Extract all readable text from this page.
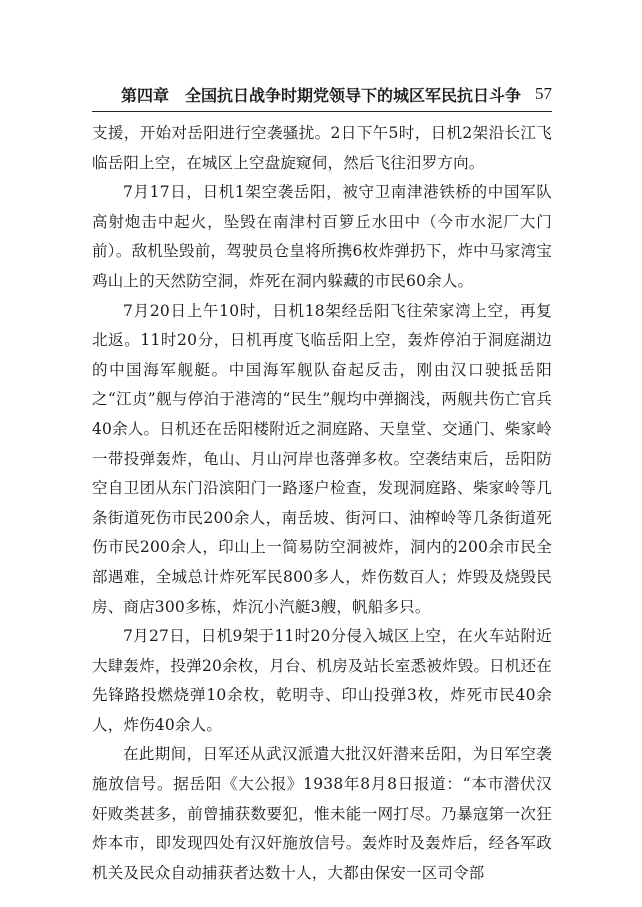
第四章　全国抗日战争时期党领导下的城区军民抗日斗争 57

支援，开始对岳阳进行空袭骚扰。2日下午5时，日机2架沿长江飞临岳阳上空，在城区上空盘旋窥伺，然后飞往汨罗方向。

7月17日，日机1架空袭岳阳，被守卫南津港铁桥的中国军队高射炮击中起火，坠毁在南津村百箩丘水田中（今市水泥厂大门前）。敌机坠毁前，驾驶员仓皇将所携6枚炸弹扔下，炸中马家湾宝鸡山上的天然防空洞，炸死在洞内躲藏的市民60余人。

7月20日上午10时，日机18架经岳阳飞往荣家湾上空，再复北返。11时20分，日机再度飞临岳阳上空，轰炸停泊于洞庭湖边的中国海军舰艇。中国海军舰队奋起反击，刚由汉口驶抵岳阳之“江贞”舰与停泊于港湾的“民生”舰均中弹搁浅，两舰共伤亡官兵40余人。日机还在岳阳楼附近之洞庭路、天皇堂、交通门、柴家岭一带投弹轰炸，龟山、月山河岸也落弹多枚。空袭结束后，岳阳防空自卫团从东门沿滨阳门一路逐户检查，发现洞庭路、柴家岭等几条街道死伤市民200余人，南岳坡、街河口、油榨岭等几条街道死伤市民200余人，印山上一简易防空洞被炸，洞内的200余市民全部遇难，全城总计炸死军民800多人，炸伤数百人；炸毁及烧毁民房、商店300多栋，炸沉小汽艇3艘，帆船多只。

7月27日，日机9架于11时20分侵入城区上空，在火车站附近大肆轰炸，投弹20余枚，月台、机房及站长室悉被炸毁。日机还在先锋路投燃烧弹10余枚，乾明寺、印山投弹3枚，炸死市民40余人，炸伤40余人。

在此期间，日军还从武汉派遣大批汉奸潜来岳阳，为日军空袭施放信号。据岳阳《大公报》1938年8月8日报道：“本市潜伏汉奸败类甚多，前曾捕获数要犯，惟未能一网打尽。乃暴寇第一次狂炸本市，即发现四处有汉奸施放信号。轰炸时及轰炸后，经各军政机关及民众自动捕获者达数十人，大都由保安一区司令部
